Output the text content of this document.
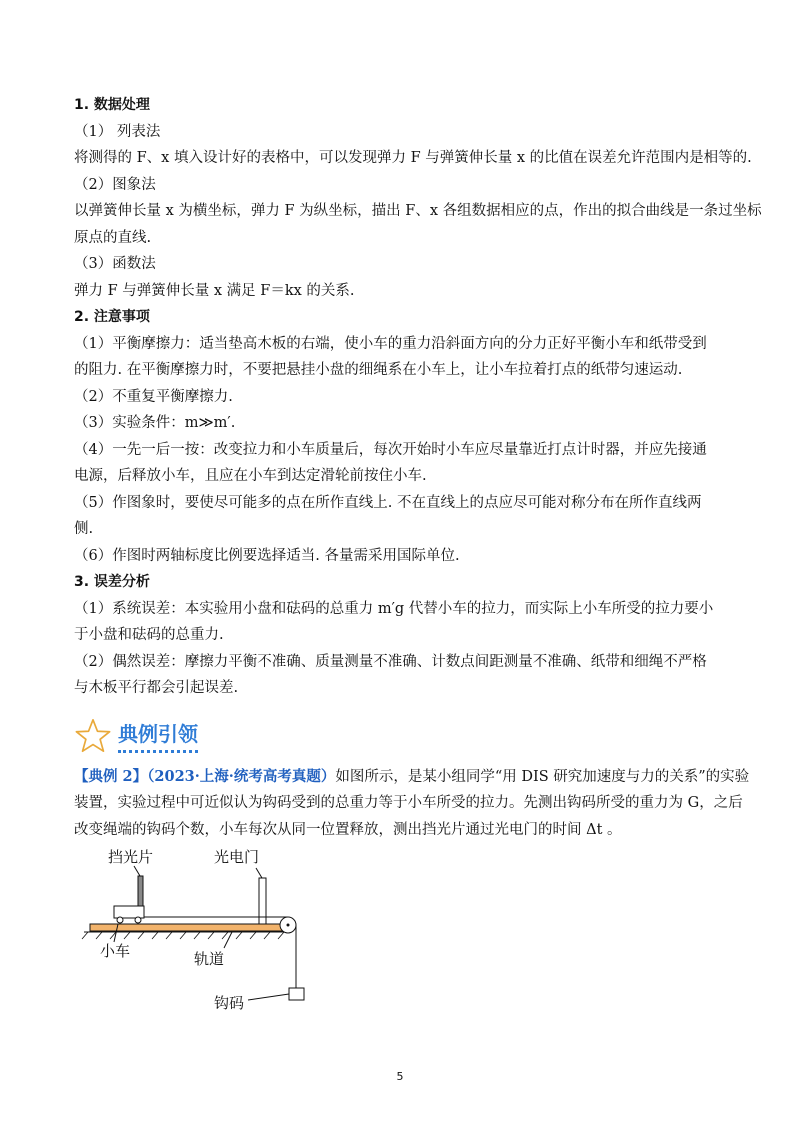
1. 数据处理
（1） 列表法
将测得的 F、x 填入设计好的表格中，可以发现弹力 F 与弹簧伸长量 x 的比值在误差允许范围内是相等的.
（2）图象法
以弹簧伸长量 x 为横坐标，弹力 F 为纵坐标，描出 F、x 各组数据相应的点，作出的拟合曲线是一条过坐标
原点的直线.
（3）函数法
弹力 F 与弹簧伸长量 x 满足 F＝kx 的关系.
2. 注意事项
（1）平衡摩擦力：适当垫高木板的右端，使小车的重力沿斜面方向的分力正好平衡小车和纸带受到
的阻力. 在平衡摩擦力时，不要把悬挂小盘的细绳系在小车上，让小车拉着打点的纸带匀速运动.
（2）不重复平衡摩擦力.
（3）实验条件：m≫m′.
（4）一先一后一按：改变拉力和小车质量后，每次开始时小车应尽量靠近打点计时器，并应先接通
电源，后释放小车，且应在小车到达定滑轮前按住小车.
（5）作图象时，要使尽可能多的点在所作直线上. 不在直线上的点应尽可能对称分布在所作直线两
侧.
（6）作图时两轴标度比例要选择适当. 各量需采用国际单位.
3. 误差分析
（1）系统误差：本实验用小盘和砝码的总重力 m′g 代替小车的拉力，而实际上小车所受的拉力要小
于小盘和砝码的总重力.
（2）偶然误差：摩擦力平衡不准确、质量测量不准确、计数点间距测量不准确、纸带和细绳不严格
与木板平行都会引起误差.
典例引领
【典例 2】（2023·上海·统考高考真题）如图所示，是某小组同学“用 DIS 研究加速度与力的关系”的实验
装置，实验过程中可近似认为钩码受到的总重力等于小车所受的拉力。先测出钩码所受的重力为 G，之后
改变绳端的钩码个数，小车每次从同一位置释放，测出挡光片通过光电门的时间 Δt 。
挡光片	光电门
小车	轨道
钩码
5
